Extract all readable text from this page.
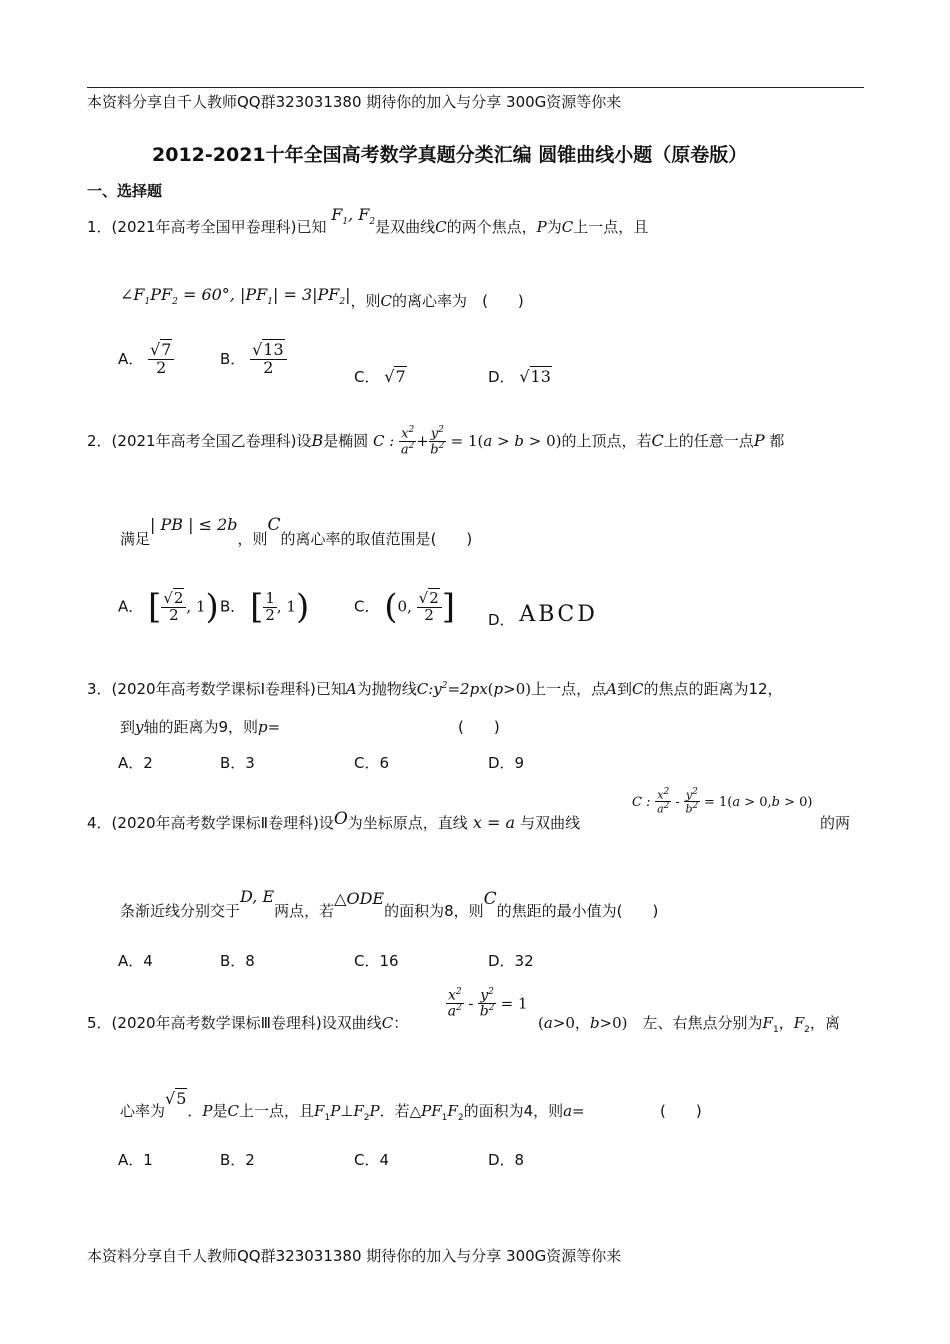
本资料分享自千人教师QQ群323031380 期待你的加入与分享 300G资源等你来
2012-2021十年全国高考数学真题分类汇编 圆锥曲线小题（原卷版）
一、选择题
1．(2021年高考全国甲卷理科)已知 $F_1$, $F_2$是双曲线C的两个焦点，P为C上一点，且
$\angle F_1PF_2 = 60^\circ$, $|PF_1| = 3|PF_2|$，则C的离心率为　 (　　)
A． $\frac{√7}{2}$	B． $\frac{√13}{2}$
C． √7	D． √13
2．(2021年高考全国乙卷理科)设B是椭圆 C : $\frac{x^2}{a^2} + \frac{y^2}{b^2} = 1(a > b > 0)$的上顶点，若C上的任意一点P 都
满足| PB | ≤ 2b，则C的离心率的取值范围是(　　)
A． [ $\frac{√2}{2}$ , 1) B． [ $\frac{1}{2}$ , 1)	C． (0, $\frac{√2}{2}$ ] D． A B C D
3．(2020年高考数学课标Ⅰ卷理科)已知A为抛物线$C:y^2=2px(p>0)$上一点，点A到C的焦点的距离为12，
到y轴的距离为9，则p=	(　　)
A．2	B．3	C．6	D．9
4．(2020年高考数学课标Ⅱ卷理科)设O为坐标原点，直线 x = a 与双曲线
C : $\frac{x^2}{a^2} - \frac{y^2}{b^2} = 1(a > 0,b > 0)$
的两
条渐近线分别交于D, E两点，若△ODE的面积为8，则C的焦距的最小值为(　　)
A．4	B．8	C．16	D．32
5．(2020年高考数学课标Ⅲ卷理科)设双曲线C：
$\frac{x^2}{a^2} - \frac{y^2}{b^2} = 1$
(a>0，b>0)　 左、右焦点分别为$F_1$，$F_2$，离
心率为√5．P是C上一点，且$F_1P\perp F_2P$．若$\triangle PF_1F_2$的面积为4，则a=	(　　)
A．1	B．2	C．4	D．8
本资料分享自千人教师QQ群323031380 期待你的加入与分享 300G资源等你来
